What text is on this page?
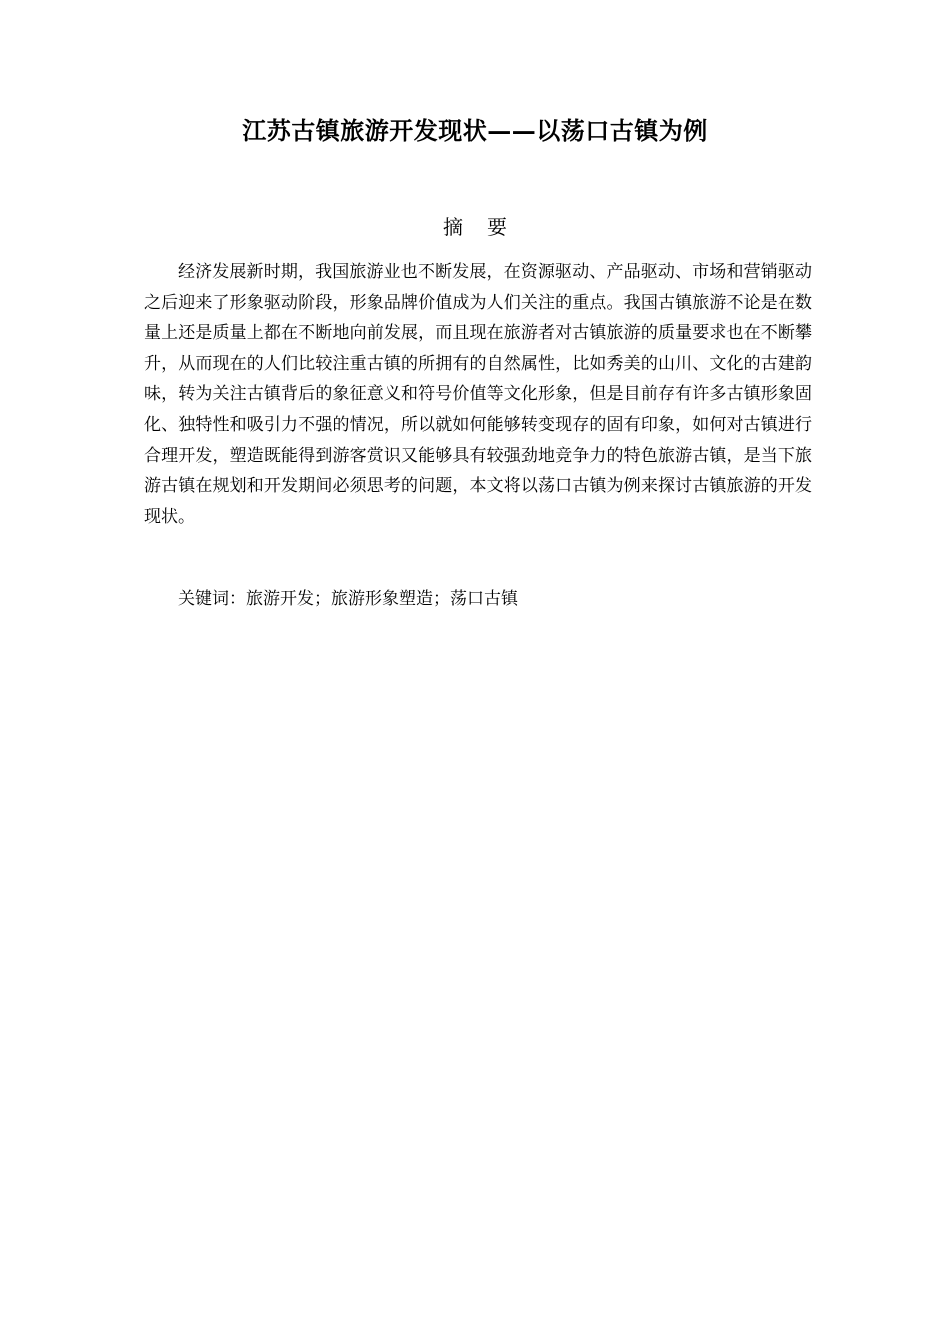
江苏古镇旅游开发现状——以荡口古镇为例
摘要

经济发展新时期，我国旅游业也不断发展，在资源驱动、产品驱动、市场和营销驱动之后迎来了形象驱动阶段，形象品牌价值成为人们关注的重点。我国古镇旅游不论是在数量上还是质量上都在不断地向前发展，而且现在旅游者对古镇旅游的质量要求也在不断攀升，从而现在的人们比较注重古镇的所拥有的自然属性，比如秀美的山川、文化的古建韵味，转为关注古镇背后的象征意义和符号价值等文化形象，但是目前存有许多古镇形象固化、独特性和吸引力不强的情况，所以就如何能够转变现存的固有印象，如何对古镇进行合理开发，塑造既能得到游客赏识又能够具有较强劲地竞争力的特色旅游古镇，是当下旅游古镇在规划和开发期间必须思考的问题，本文将以荡口古镇为例来探讨古镇旅游的开发现状。

关键词：旅游开发；旅游形象塑造；荡口古镇
